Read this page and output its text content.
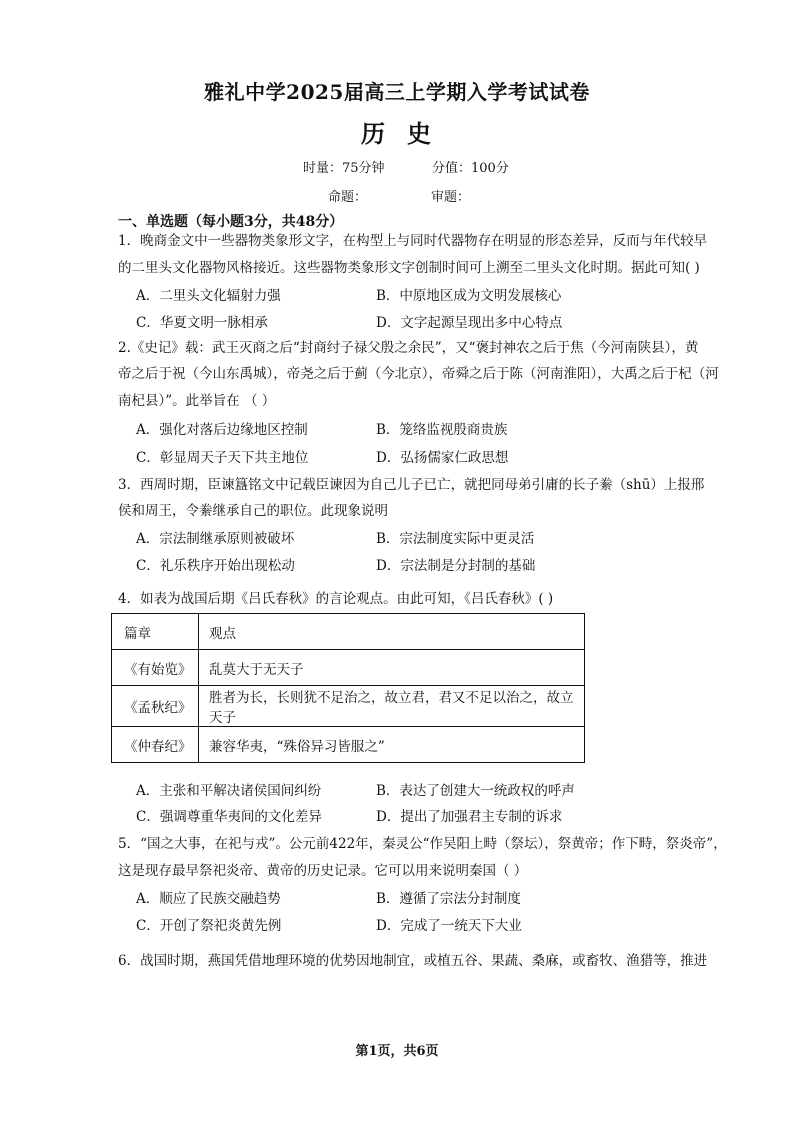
雅礼中学2025届高三上学期入学考试试卷
历史
时量：75分钟	分值：100分
命题：	审题：
一、单选题（每小题3分，共48分）
1．晚商金文中一些器物类象形文字，在构型上与同时代器物存在明显的形态差异，反而与年代较早
的二里头文化器物风格接近。这些器物类象形文字创制时间可上溯至二里头文化时期。据此可知( )
A．二里头文化辐射力强	B．中原地区成为文明发展核心
C．华夏文明一脉相承	D．文字起源呈现出多中心特点
2.《史记》载：武王灭商之后“封商纣子禄父殷之余民”，又“褒封神农之后于焦（今河南陕县），黄
帝之后于祝（今山东禹城），帝尧之后于蓟（今北京），帝舜之后于陈（河南淮阳），大禹之后于杞（河
南杞县）”。此举旨在 （ ）
A．强化对落后边缘地区控制	B．笼络监视殷商贵族
C．彰显周天子天下共主地位	D．弘扬儒家仁政思想
3．西周时期，臣谏簋铭文中记载臣谏因为自己儿子已亡，就把同母弟引庸的长子絭（shū）上报邢
侯和周王，令絭继承自己的职位。此现象说明
A．宗法制继承原则被破坏	B．宗法制度实际中更灵活
C．礼乐秩序开始出现松动	D．宗法制是分封制的基础
4．如表为战国后期《吕氏春秋》的言论观点。由此可知，《吕氏春秋》( )
篇章	观点
《有始览》	乱莫大于无天子
《孟秋纪》	胜者为长，长则犹不足治之，故立君，君又不足以治之，故立天子
《仲春纪》	兼容华夷，“殊俗异习皆服之”
A．主张和平解决诸侯国间纠纷	B．表达了创建大一统政权的呼声
C．强调尊重华夷间的文化差异	D．提出了加强君主专制的诉求
5．“国之大事，在祀与戎”。公元前422年，秦灵公“作吴阳上畤（祭坛），祭黄帝；作下畤，祭炎帝”，
这是现存最早祭祀炎帝、黄帝的历史记录。它可以用来说明秦国（ ）
A．顺应了民族交融趋势	B．遵循了宗法分封制度
C．开创了祭祀炎黄先例	D．完成了一统天下大业
6．战国时期，燕国凭借地理环境的优势因地制宜，或植五谷、果蔬、桑麻，或畜牧、渔猎等，推进
第1页，共6页
